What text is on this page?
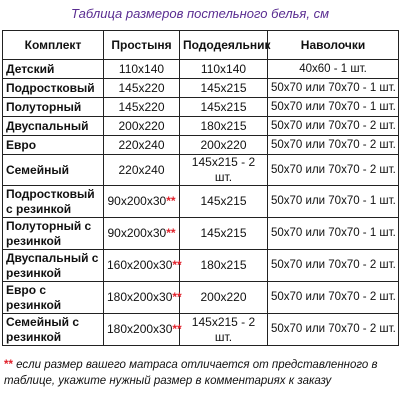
Таблица размеров постельного белья, см
Комплект	Простыня	Пододеяльник	Наволочки
Детский	110х140	110х140	40х60 - 1 шт.
Подростковый	145х220	145х215	50х70 или 70х70 - 1 шт.
Полуторный	145х220	145х215	50х70 или 70х70 - 1 шт.
Двуспальный	200х220	180х215	50х70 или 70х70 - 2 шт.
Евро	220х240	200х220	50х70 или 70х70 - 2 шт.
Семейный	220х240	145х215 - 2 шт.	50х70 или 70х70 - 2 шт.
Подростковый с резинкой	90х200х30**	145х215	50х70 или 70х70 - 1 шт.
Полуторный с резинкой	90х200х30**	145х215	50х70 или 70х70 - 1 шт.
Двуспальный с резинкой	160х200х30**	180х215	50х70 или 70х70 - 2 шт.
Евро с резинкой	180х200х30**	200х220	50х70 или 70х70 - 2 шт.
Семейный с резинкой	180х200х30**	145х215 - 2 шт.	50х70 или 70х70 - 2 шт.
** если размер вашего матраса отличается от представленного в таблице, укажите нужный размер в комментариях к заказу
